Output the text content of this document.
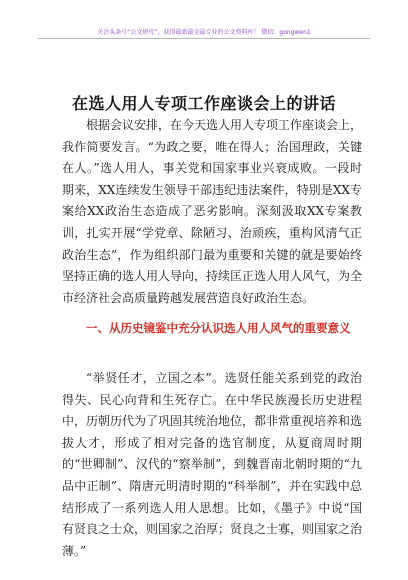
关注头条号“公文研究”，获得最新最全最专业的公文资料库！ 微信：gongwen1
在选人用人专项工作座谈会上的讲话

根据会议安排，在今天选人用人专项工作座谈会上，我作简要发言。“为政之要，唯在得人；治国理政，关键在人。”选人用人，事关党和国家事业兴衰成败。一段时期来，XX连续发生领导干部违纪违法案件，特别是XX专案给XX政治生态造成了恶劣影响。深刻汲取XX专案教训，扎实开展“学党章、除陋习、治顽疾，重构风清气正政治生态”，作为组织部门最为重要和关键的就是要始终坚持正确的选人用人导向，持续匡正选人用人风气，为全市经济社会高质量跨越发展营造良好政治生态。

一、从历史镜鉴中充分认识选人用人风气的重要意义

“举贤任才，立国之本”。选贤任能关系到党的政治得失、民心向背和生死存亡。在中华民族漫长历史进程中，历朝历代为了巩固其统治地位，都非常重视培养和选拔人才，形成了相对完备的选官制度，从夏商周时期的“世卿制”、汉代的“察举制”，到魏晋南北朝时期的“九品中正制”、隋唐元明清时期的“科举制”，并在实践中总结形成了一系列选人用人思想。比如，《墨子》中说“国有贤良之士众，则国家之治厚；贤良之士寡，则国家之治薄。”
